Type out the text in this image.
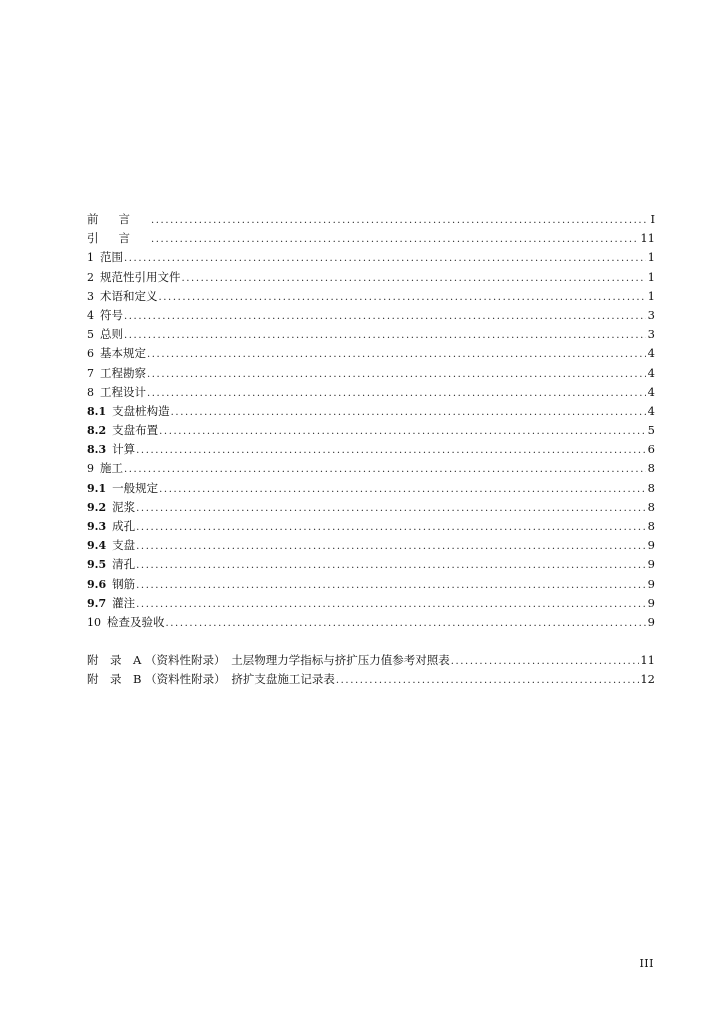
前言 .....	I
引言 .....	11
1 范围 .....	1
2 规范性引用文件 .....	1
3 术语和定义 .....	1
4 符号 .....	3
5 总则 .....	3
6 基本规定 .....	4
7 工程勘察 .....	4
8 工程设计 .....	4
8.1 支盘桩构造 .....	4
8.2 支盘布置 .....	5
8.3 计算 .....	6
9 施工 .....	8
9.1 一般规定 .....	8
9.2 泥浆 .....	8
9.3 成孔 .....	8
9.4 支盘 .....	9
9.5 清孔 .....	9
9.6 钢筋 .....	9
9.7 灌注 .....	9
10 检查及验收 .....	9
附　录　A （资料性附录）　土层物理力学指标与挤扩压力值参考对照表 .....	11
附　录　B （资料性附录）　挤扩支盘施工记录表 .....	12
III
